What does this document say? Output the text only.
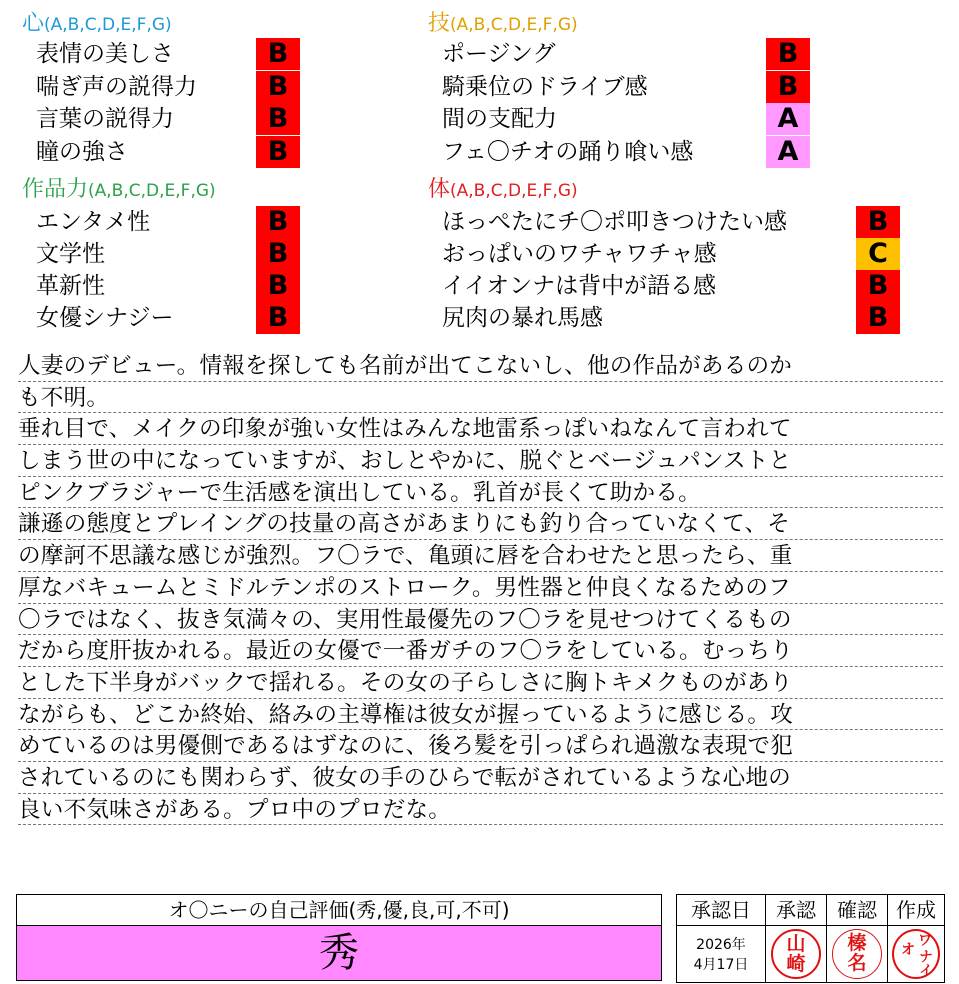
心(A,B,C,D,E,F,G)
表情の美しさ
喘ぎ声の説得力
言葉の説得力
瞳の強さ
B
B
B
B
技(A,B,C,D,E,F,G)
ポージング
騎乗位のドライブ感
間の支配力
フェ〇チオの踊り喰い感
B
B
A
A
作品力(A,B,C,D,E,F,G)
エンタメ性
文学性
革新性
女優シナジー
B
B
B
B
体(A,B,C,D,E,F,G)
ほっぺたにチ〇ポ叩きつけたい感
おっぱいのワチャワチャ感
イイオンナは背中が語る感
尻肉の暴れ馬感
B
C
B
B
人妻のデビュー。情報を探しても名前が出てこないし、他の作品があるのか
も不明。
垂れ目で、メイクの印象が強い女性はみんな地雷系っぽいねなんて言われて
しまう世の中になっていますが、おしとやかに、脱ぐとベージュパンストと
ピンクブラジャーで生活感を演出している。乳首が長くて助かる。
謙遜の態度とプレイングの技量の高さがあまりにも釣り合っていなくて、そ
の摩訶不思議な感じが強烈。フ〇ラで、亀頭に唇を合わせたと思ったら、重
厚なバキュームとミドルテンポのストローク。男性器と仲良くなるためのフ
〇ラではなく、抜き気満々の、実用性最優先のフ〇ラを見せつけてくるもの
だから度肝抜かれる。最近の女優で一番ガチのフ〇ラをしている。むっちり
とした下半身がバックで揺れる。その女の子らしさに胸トキメクものがあり
ながらも、どこか終始、絡みの主導権は彼女が握っているように感じる。攻
めているのは男優側であるはずなのに、後ろ髪を引っぱられ過激な表現で犯
されているのにも関わらず、彼女の手のひらで転がされているような心地の
良い不気味さがある。プロ中のプロだな。
オ〇ニーの自己評価(秀,優,良,可,不可)
秀
承認日	承認	確認 作成
2026年
4月17日
山
崎
榛
名
オ
ワ
ナイ
